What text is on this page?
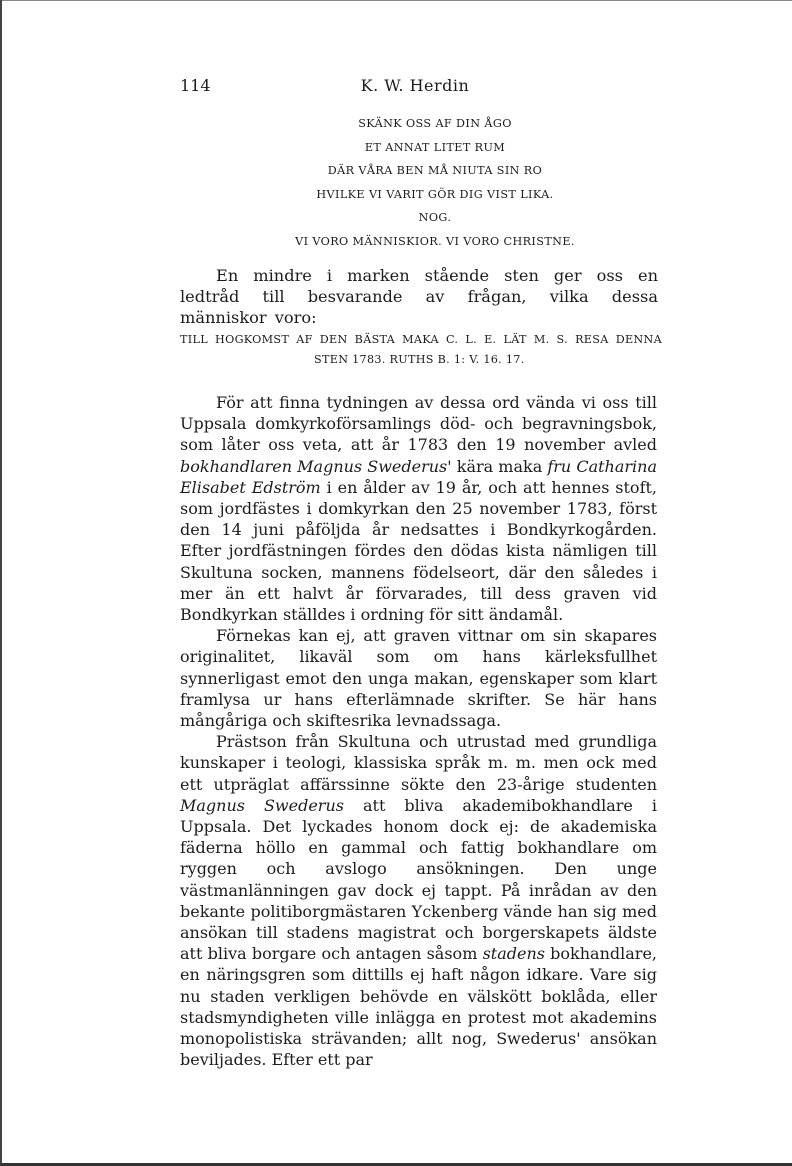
114	K. W. Herdin
SKÄNK OSS AF DIN ÅGO
ET ANNAT LITET RUM
DÄR VÅRA BEN MÅ NIUTA SIN RO
HVILKE VI VARIT GÖR DIG VIST LIKA.
NOG.
VI VORO MÄNNISKIOR. VI VORO CHRISTNE.
En mindre i marken stående sten ger oss en ledtråd till besvarande av frågan, vilka dessa människor voro:
TILL HOGKOMST AF DEN BÄSTA MAKA C. L. E. LÄT M. S. RESA DENNA
STEN 1783. RUTHS B. 1: V. 16. 17.

För att finna tydningen av dessa ord vända vi oss till Uppsala domkyrkoförsamlings död- och begravningsbok, som låter oss veta, att år 1783 den 19 november avled bokhandlaren Magnus Swederus' kära maka fru Catharina Elisabet Edström i en ålder av 19 år, och att hennes stoft, som jordfästes i domkyrkan den 25 november 1783, först den 14 juni påföljda år nedsattes i Bondkyrkogården. Efter jordfästningen fördes den dödas kista nämligen till Skultuna socken, mannens födelseort, där den således i mer än ett halvt år förvarades, till dess graven vid Bondkyrkan ställdes i ordning för sitt ändamål.

Förnekas kan ej, att graven vittnar om sin skapares originalitet, likaväl som om hans kärleksfullhet synnerligast emot den unga makan, egenskaper som klart framlysa ur hans efterlämnade skrifter. Se här hans mångåriga och skiftesrika levnadssaga.

Prästson från Skultuna och utrustad med grundliga kunskaper i teologi, klassiska språk m. m. men ock med ett utpräglat affärssinne sökte den 23-årige studenten Magnus Swederus att bliva akademibokhandlare i Uppsala. Det lyckades honom dock ej: de akademiska fäderna höllo en gammal och fattig bokhandlare om ryggen och avslogo ansökningen. Den unge västmanlänningen gav dock ej tappt. På inrådan av den bekante politiborgmästaren Yckenberg vände han sig med ansökan till stadens magistrat och borgerskapets äldste att bliva borgare och antagen såsom stadens bokhandlare, en näringsgren som dittills ej haft någon idkare. Vare sig nu staden verkligen behövde en välskött boklåda, eller stadsmyndigheten ville inlägga en protest mot akademins monopolistiska strävanden; allt nog, Swederus' ansökan beviljades. Efter ett par
